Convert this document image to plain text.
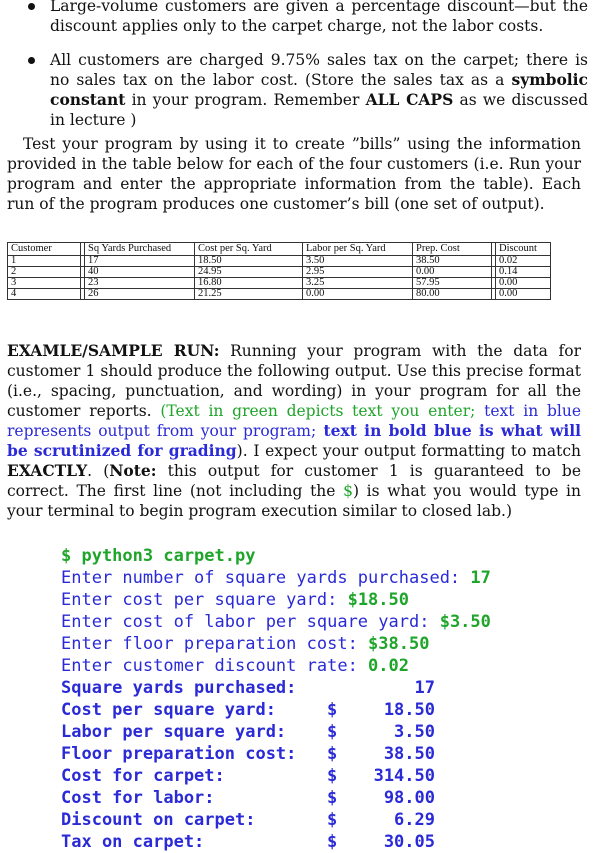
Large-volume customers are given a percentage discount—but the discount applies only to the carpet charge, not the labor costs.
All customers are charged 9.75% sales tax on the carpet; there is no sales tax on the labor cost. (Store the sales tax as a symbolic constant in your program. Remember ALL CAPS as we discussed in lecture )
Test your program by using it to create ”bills” using the information provided in the table below for each of the four customers (i.e. Run your program and enter the appropriate information from the table). Each run of the program produces one customer’s bill (one set of output).
Customer		Sq Yards Purchased	Cost per Sq. Yard	Labor per Sq. Yard	Prep. Cost		Discount
1		17	18.50	3.50	38.50		0.02
2		40	24.95	2.95	0.00		0.14
3		23	16.80	3.25	57.95		0.00
4		26	21.25	0.00	80.00		0.00
EXAMLE/SAMPLE RUN: Running your program with the data for customer 1 should produce the following output. Use this precise format (i.e., spacing, punctuation, and wording) in your program for all the customer reports. (Text in green depicts text you enter; text in blue represents output from your program; text in bold blue is what will be scrutinized for grading). I expect your output formatting to match EXACTLY. (Note: this output for customer 1 is guaranteed to be correct. The first line (not including the $) is what you would type in your terminal to begin program execution similar to closed lab.)
$ python3 carpet.py
Enter number of square yards purchased: 17
Enter cost per square yard: $18.50
Enter cost of labor per square yard: $3.50
Enter floor preparation cost: $38.50
Enter customer discount rate: 0.02
Square yards purchased:	17
Cost per square yard:	$	18.50
Labor per square yard: $	3.50
Floor preparation cost: $	38.50
Cost for carpet:	$	314.50
Cost for labor:	$	98.00
Discount on carpet:	$	6.29
Tax on carpet:	$	30.05
